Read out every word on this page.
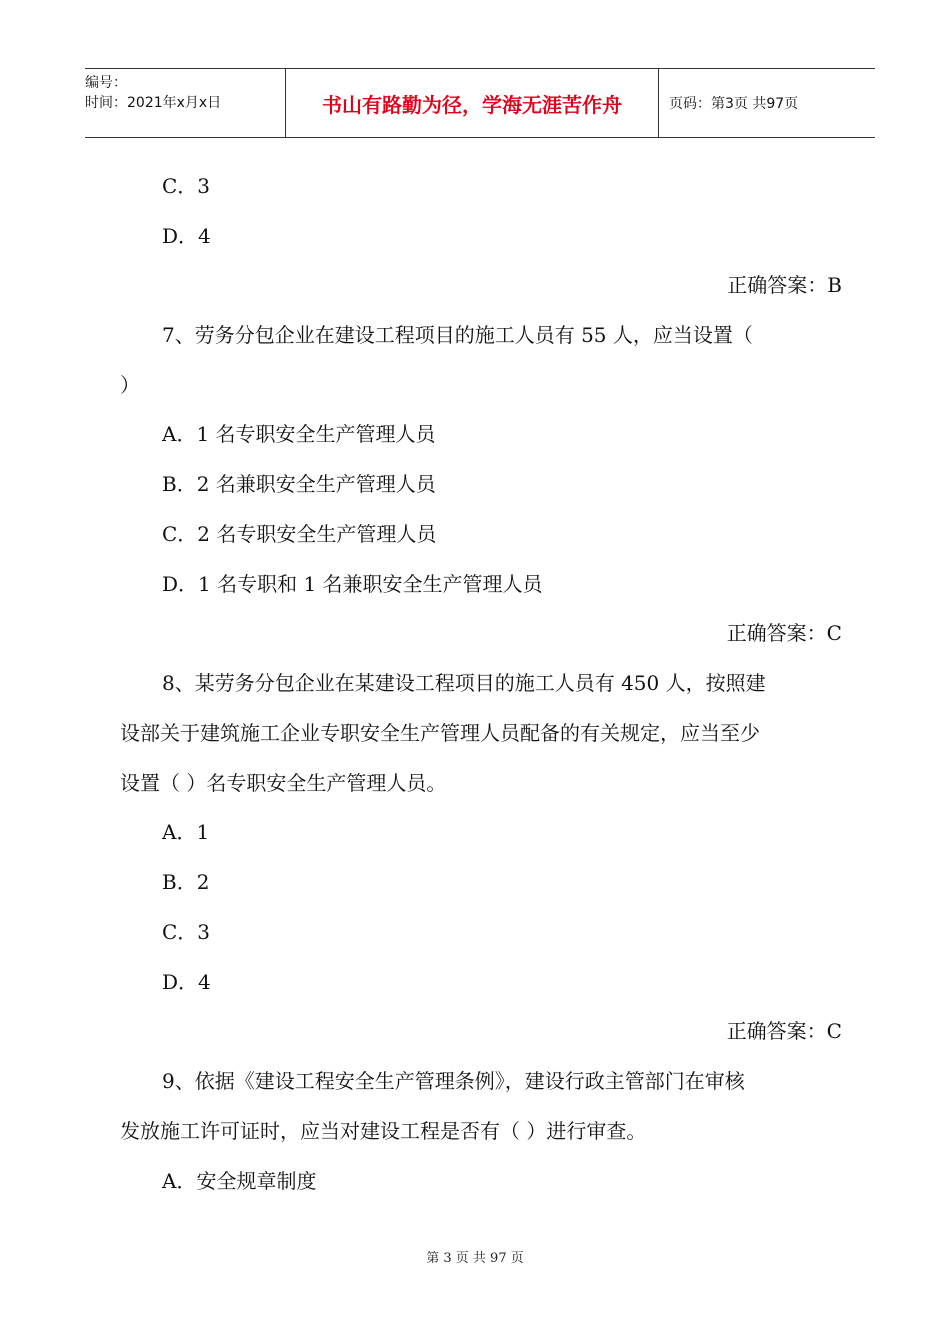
编号：
时间：2021年x月x日	书山有路勤为径，学海无涯苦作舟	页码：第3页 共97页
C．3
D．4
正确答案：B
7、劳务分包企业在建设工程项目的施工人员有 55 人，应当设置（
）
A．1 名专职安全生产管理人员
B．2 名兼职安全生产管理人员
C．2 名专职安全生产管理人员
D．1 名专职和 1 名兼职安全生产管理人员
正确答案：C
8、某劳务分包企业在某建设工程项目的施工人员有 450 人，按照建
设部关于建筑施工企业专职安全生产管理人员配备的有关规定，应当至少
设置（ ）名专职安全生产管理人员。
A．1
B．2
C．3
D．4
正确答案：C
9、依据《建设工程安全生产管理条例》，建设行政主管部门在审核
发放施工许可证时，应当对建设工程是否有（ ）进行审查。
A．安全规章制度
第 3 页 共 97 页
